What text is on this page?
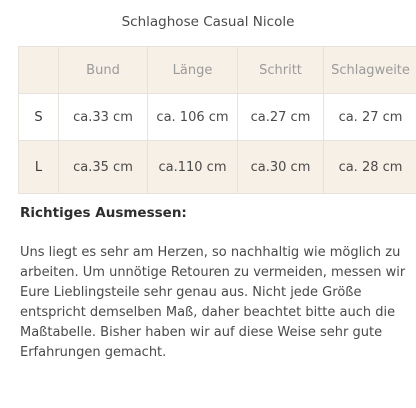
Schlaghose Casual Nicole
	Bund	Länge	Schritt	Schlagweite
S	ca.33 cm	ca. 106 cm	ca.27 cm	ca. 27 cm
L	ca.35 cm	ca.110 cm	ca.30 cm	ca. 28 cm
Richtiges Ausmessen:

Uns liegt es sehr am Herzen, so nachhaltig wie möglich zu arbeiten. Um unnötige Retouren zu vermeiden, messen wir Eure Lieblingsteile sehr genau aus. Nicht jede Größe entspricht demselben Maß, daher beachtet bitte auch die Maßtabelle. Bisher haben wir auf diese Weise sehr gute Erfahrungen gemacht.
